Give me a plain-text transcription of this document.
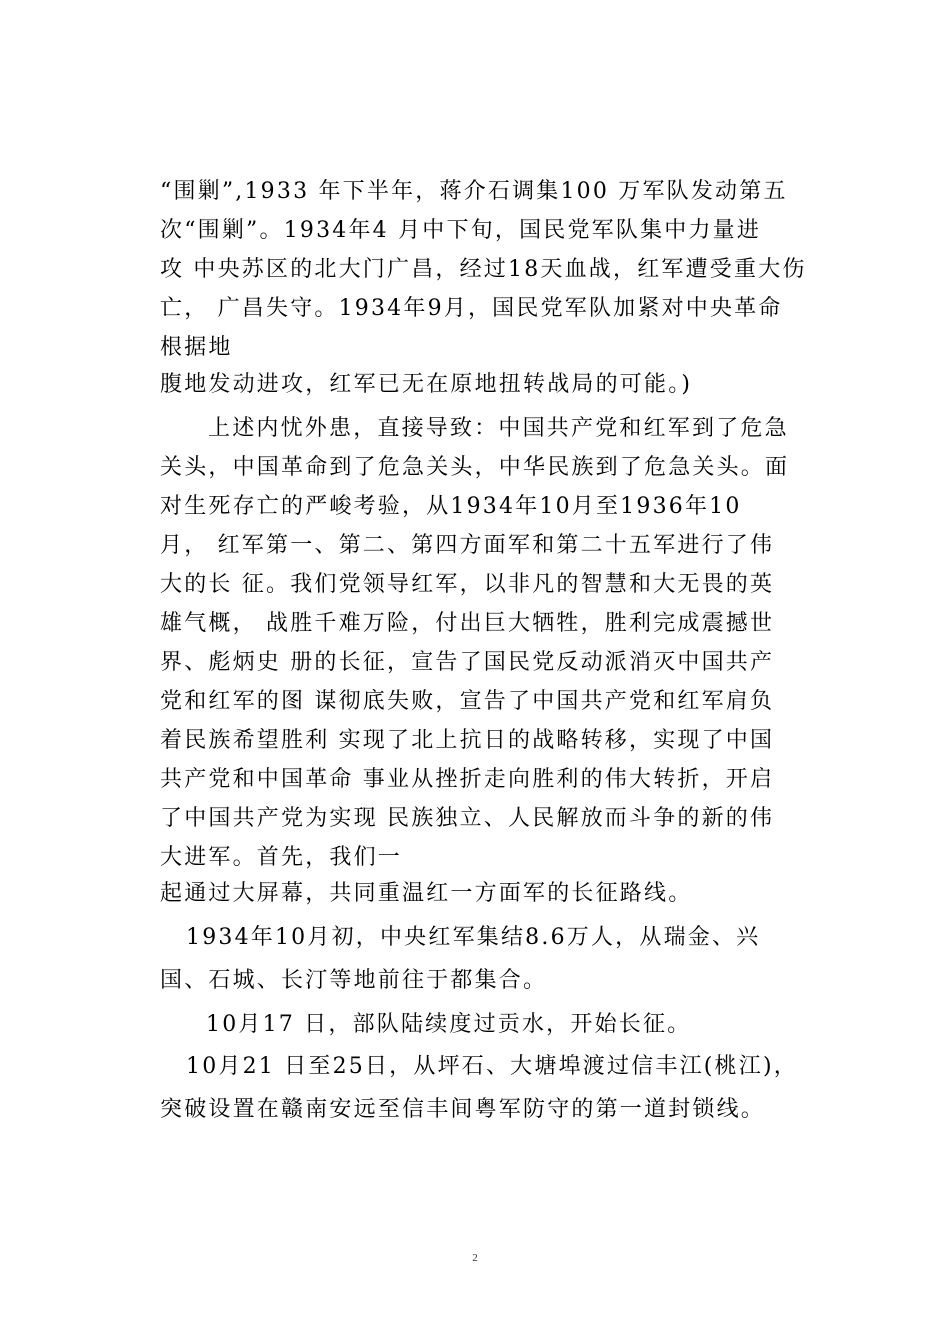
“围剿”,1933 年下半年，蒋介石调集100 万军队发动第五
次“围剿”。1934年4 月中下旬，国民党军队集中力量进
攻 中央苏区的北大门广昌，经过18天血战，红军遭受重大伤
亡， 广昌失守。1934年9月，国民党军队加紧对中央革命
根据地
腹地发动进攻，红军已无在原地扭转战局的可能。)
上述内忧外患，直接导致：中国共产党和红军到了危急
关头，中国革命到了危急关头，中华民族到了危急关头。面
对生死存亡的严峻考验，从1934年10月至1936年10
月， 红军第一、第二、第四方面军和第二十五军进行了伟
大的长 征。我们党领导红军，以非凡的智慧和大无畏的英
雄气概， 战胜千难万险，付出巨大牺牲，胜利完成震撼世
界、彪炳史 册的长征，宣告了国民党反动派消灭中国共产
党和红军的图 谋彻底失败，宣告了中国共产党和红军肩负
着民族希望胜利 实现了北上抗日的战略转移，实现了中国
共产党和中国革命 事业从挫折走向胜利的伟大转折，开启
了中国共产党为实现 民族独立、人民解放而斗争的新的伟
大进军。首先，我们一
起通过大屏幕，共同重温红一方面军的长征路线。
1934年10月初，中央红军集结8.6万人，从瑞金、兴
国、石城、长汀等地前往于都集合。
10月17 日，部队陆续度过贡水，开始长征。
10月21 日至25日，从坪石、大塘埠渡过信丰江(桃江)，
突破设置在赣南安远至信丰间粤军防守的第一道封锁线。
2
